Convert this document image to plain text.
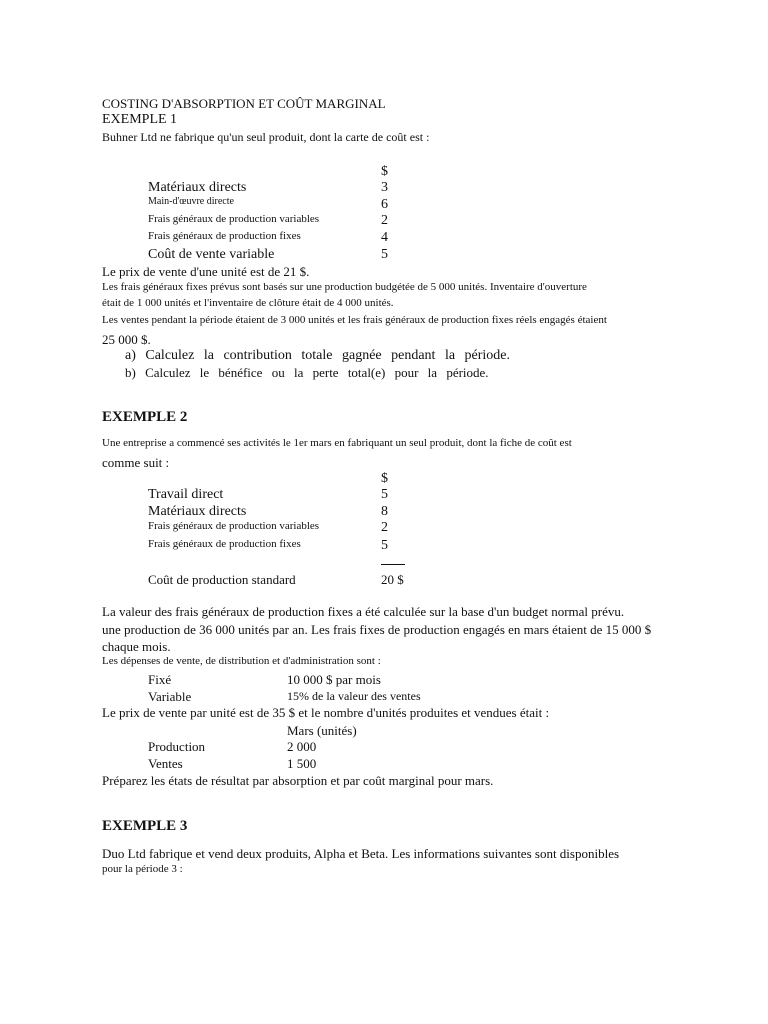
COSTING D'ABSORPTION ET COÛT MARGINAL
EXEMPLE 1
Buhner Ltd ne fabrique qu'un seul produit, dont la carte de coût est :
$
Matériaux directs	3
Main-d'œuvre directe	6
Frais généraux de production variables	2
Frais généraux de production fixes	4
Coût de vente variable	5
Le prix de vente d'une unité est de 21 $.
Les frais généraux fixes prévus sont basés sur une production budgétée de 5 000 unités. Inventaire d'ouverture
était de 1 000 unités et l'inventaire de clôture était de 4 000 unités.
Les ventes pendant la période étaient de 3 000 unités et les frais généraux de production fixes réels engagés étaient
25 000 $.
a) Calculez la contribution totale gagnée pendant la période.
b) Calculez le bénéfice ou la perte total(e) pour la période.
EXEMPLE 2
Une entreprise a commencé ses activités le 1er mars en fabriquant un seul produit, dont la fiche de coût est
comme suit :
$
Travail direct	5
Matériaux directs	8
Frais généraux de production variables	2
Frais généraux de production fixes	5
Coût de production standard	20 $
La valeur des frais généraux de production fixes a été calculée sur la base d'un budget normal prévu.
une production de 36 000 unités par an. Les frais fixes de production engagés en mars étaient de 15 000 $
chaque mois.
Les dépenses de vente, de distribution et d'administration sont :
Fixé	10 000 $ par mois
Variable	15% de la valeur des ventes
Le prix de vente par unité est de 35 $ et le nombre d'unités produites et vendues était :
Mars (unités)
Production	2 000
Ventes	1 500
Préparez les états de résultat par absorption et par coût marginal pour mars.
EXEMPLE 3
Duo Ltd fabrique et vend deux produits, Alpha et Beta. Les informations suivantes sont disponibles
pour la période 3 :
